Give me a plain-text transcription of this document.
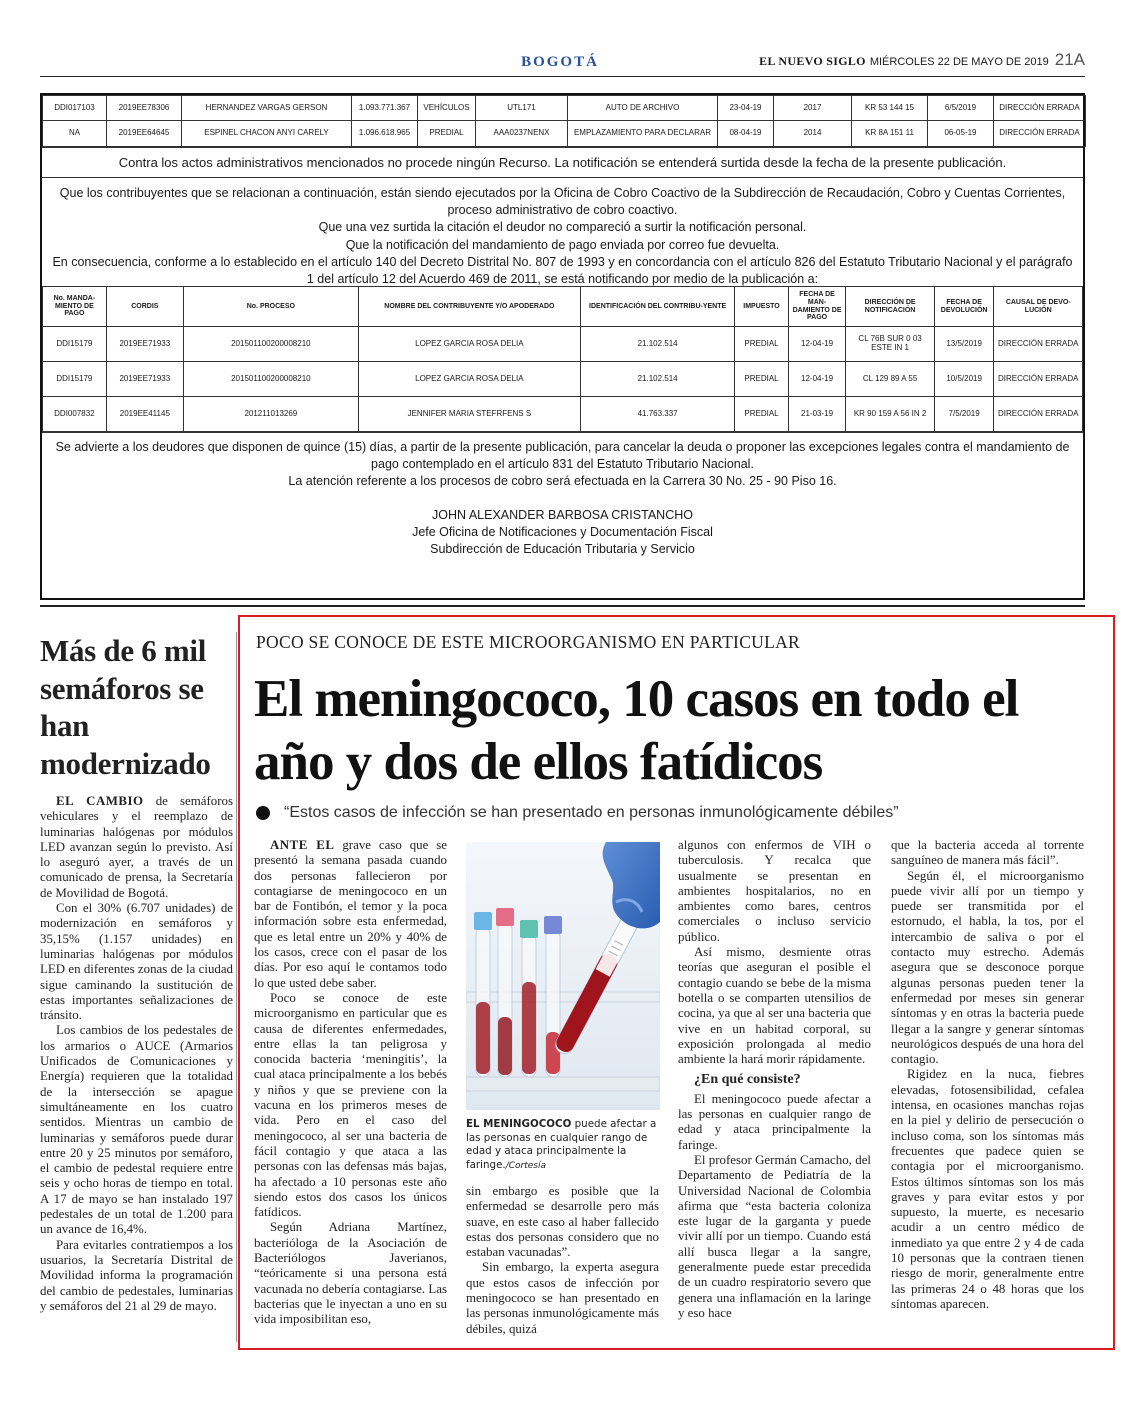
BOGOTÁ	EL NUEVO SIGLO MIÉRCOLES 22 DE MAYO DE 2019 21A
DDI017103	2019EE78306	HERNANDEZ VARGAS GERSON	1.093.771.367	VEHÍCULOS	UTL171	AUTO DE ARCHIVO	23-04-19	2017	KR 53 144 15	6/5/2019	DIRECCIÓN ERRADA
NA	2019EE64645	ESPINEL CHACON ANYI CARELY	1.096.618.965	PREDIAL	AAA0237NENX	EMPLAZAMIENTO PARA DECLARAR	08-04-19	2014	KR 8A 151 11	06-05-19	DIRECCIÓN ERRADA
Contra los actos administrativos mencionados no procede ningún Recurso. La notificación se entenderá surtida desde la fecha de la presente publicación.

Que los contribuyentes que se relacionan a continuación, están siendo ejecutados por la Oficina de Cobro Coactivo de la Subdirección de Recaudación, Cobro y Cuentas Corrientes, proceso administrativo de cobro coactivo.

Que una vez surtida la citación el deudor no compareció a surtir la notificación personal.

Que la notificación del mandamiento de pago enviada por correo fue devuelta.

En consecuencia, conforme a lo establecido en el artículo 140 del Decreto Distrital No. 807 de 1993 y en concordancia con el artículo 826 del Estatuto Tributario Nacional y el parágrafo 1 del artículo 12 del Acuerdo 469 de 2011, se está notificando por medio de la publicación a:

No. MANDA-MIENTO DE PAGO	CORDIS	No. PROCESO	NOMBRE DEL CONTRIBUYENTE Y/O APODERADO	IDENTIFICACIÓN DEL CONTRIBU-YENTE	IMPUESTO	FECHA DE MAN-DAMIENTO DE PAGO	DIRECCIÓN DE NOTIFICACIÓN	FECHA DE DEVOLUCIÓN	CAUSAL DE DEVO-LUCIÓN
DDI15179	2019EE71933	201501100200008210	LOPEZ GARCIA ROSA DELIA	21.102.514	PREDIAL	12-04-19	CL 76B SUR 0 03 ESTE IN 1	13/5/2019	DIRECCIÓN ERRADA
DDI15179	2019EE71933	201501100200008210	LOPEZ GARCIA ROSA DELIA	21.102.514	PREDIAL	12-04-19	CL 129 89 A 55	10/5/2019	DIRECCIÓN ERRADA
DDI007832	2019EE41145	201211013269	JENNIFER MARIA STEFRFENS S	41.763.337	PREDIAL	21-03-19	KR 90 159 A 56 IN 2	7/5/2019	DIRECCIÓN ERRADA

Se advierte a los deudores que disponen de quince (15) días, a partir de la presente publicación, para cancelar la deuda o proponer las excepciones legales contra el mandamiento de pago contemplado en el artículo 831 del Estatuto Tributario Nacional.

La atención referente a los procesos de cobro será efectuada en la Carrera 30 No. 25 - 90 Piso 16.

JOHN ALEXANDER BARBOSA CRISTANCHO

Jefe Oficina de Notificaciones y Documentación Fiscal

Subdirección de Educación Tributaria y Servicio

Más de 6 mil semáforos se han modernizado

EL CAMBIO de semáforos vehiculares y el reemplazo de luminarias halógenas por módulos LED avanzan según lo previsto. Así lo aseguró ayer, a través de un comunicado de prensa, la Secretaría de Movilidad de Bogotá.

Con el 30% (6.707 unidades) de modernización en semáforos y 35,15% (1.157 unidades) en luminarias halógenas por módulos LED en diferentes zonas de la ciudad sigue caminando la sustitución de estas importantes señalizaciones de tránsito.

Los cambios de los pedestales de los armarios o AUCE (Armarios Unificados de Comunicaciones y Energía) requieren que la totalidad de la intersección se apague simultáneamente en los cuatro sentidos. Mientras un cambio de luminarias y semáforos puede durar entre 20 y 25 minutos por semáforo, el cambio de pedestal requiere entre seis y ocho horas de tiempo en total. A 17 de mayo se han instalado 197 pedestales de un total de 1.200 para un avance de 16,4%.

Para evitarles contratiempos a los usuarios, la Secretaría Distrital de Movilidad informa la programación del cambio de pedestales, luminarias y semáforos del 21 al 29 de mayo.

POCO SE CONOCE DE ESTE MICROORGANISMO EN PARTICULAR
El meningococo, 10 casos en todo el año y dos de ellos fatídicos
“Estos casos de infección se han presentado en personas inmunológicamente débiles”

ANTE EL grave caso que se presentó la semana pasada cuando dos personas fallecieron por contagiarse de meningococo en un bar de Fontibón, el temor y la poca información sobre esta enfermedad, que es letal entre un 20% y 40% de los casos, crece con el pasar de los días. Por eso aquí le contamos todo lo que usted debe saber.

Poco se conoce de este microorganismo en particular que es causa de diferentes enfermedades, entre ellas la tan peligrosa y conocida bacteria ‘meningitis’, la cual ataca principalmente a los bebés y niños y que se previene con la vacuna en los primeros meses de vida. Pero en el caso del meningococo, al ser una bacteria de fácil contagio y que ataca a las personas con las defensas más bajas, ha afectado a 10 personas este año siendo estos dos casos los únicos fatídicos.

Según Adriana Martínez, bacterióloga de la Asociación de Bacteriólogos Javerianos, “teóricamente si una persona está vacunada no debería contagiarse. Las bacterias que le inyectan a uno en su vida imposibilitan eso,

EL MENINGOCOCO puede afectar a las personas en cualquier rango de edad y ataca principalmente la faringe./Cortesía

sin embargo es posible que la enfermedad se desarrolle pero más suave, en este caso al haber fallecido estas dos personas considero que no estaban vacunadas”.

Sin embargo, la experta asegura que estos casos de infección por meningococo se han presentado en las personas inmunológicamente más débiles, quizá

algunos con enfermos de VIH o tuberculosis. Y recalca que usualmente se presentan en ambientes hospitalarios, no en ambientes como bares, centros comerciales o incluso servicio público.

Así mismo, desmiente otras teorías que aseguran el posible el contagio cuando se bebe de la misma botella o se comparten utensilios de cocina, ya que al ser una bacteria que vive en un habitad corporal, su exposición prolongada al medio ambiente la hará morir rápidamente.

¿En qué consiste?

El meningococo puede afectar a las personas en cualquier rango de edad y ataca principalmente la faringe.

El profesor Germán Camacho, del Departamento de Pediatría de la Universidad Nacional de Colombia afirma que “esta bacteria coloniza este lugar de la garganta y puede vivir allí por un tiempo. Cuando está allí busca llegar a la sangre, generalmente puede estar precedida de un cuadro respiratorio severo que genera una inflamación en la laringe y eso hace

que la bacteria acceda al torrente sanguíneo de manera más fácil”.

Según él, el microorganismo puede vivir allí por un tiempo y puede ser transmitida por el estornudo, el habla, la tos, por el intercambio de saliva o por el contacto muy estrecho. Además asegura que se desconoce porque algunas personas pueden tener la enfermedad por meses sin generar síntomas y en otras la bacteria puede llegar a la sangre y generar síntomas neurológicos después de una hora del contagio.

Rigidez en la nuca, fiebres elevadas, fotosensibilidad, cefalea intensa, en ocasiones manchas rojas en la piel y delirio de persecución o incluso coma, son los síntomas más frecuentes que padece quien se contagia por el microorganismo. Estos últimos síntomas son los más graves y para evitar estos y por supuesto, la muerte, es necesario acudir a un centro médico de inmediato ya que entre 2 y 4 de cada 10 personas que la contraen tienen riesgo de morir, generalmente entre las primeras 24 o 48 horas que los síntomas aparecen.
